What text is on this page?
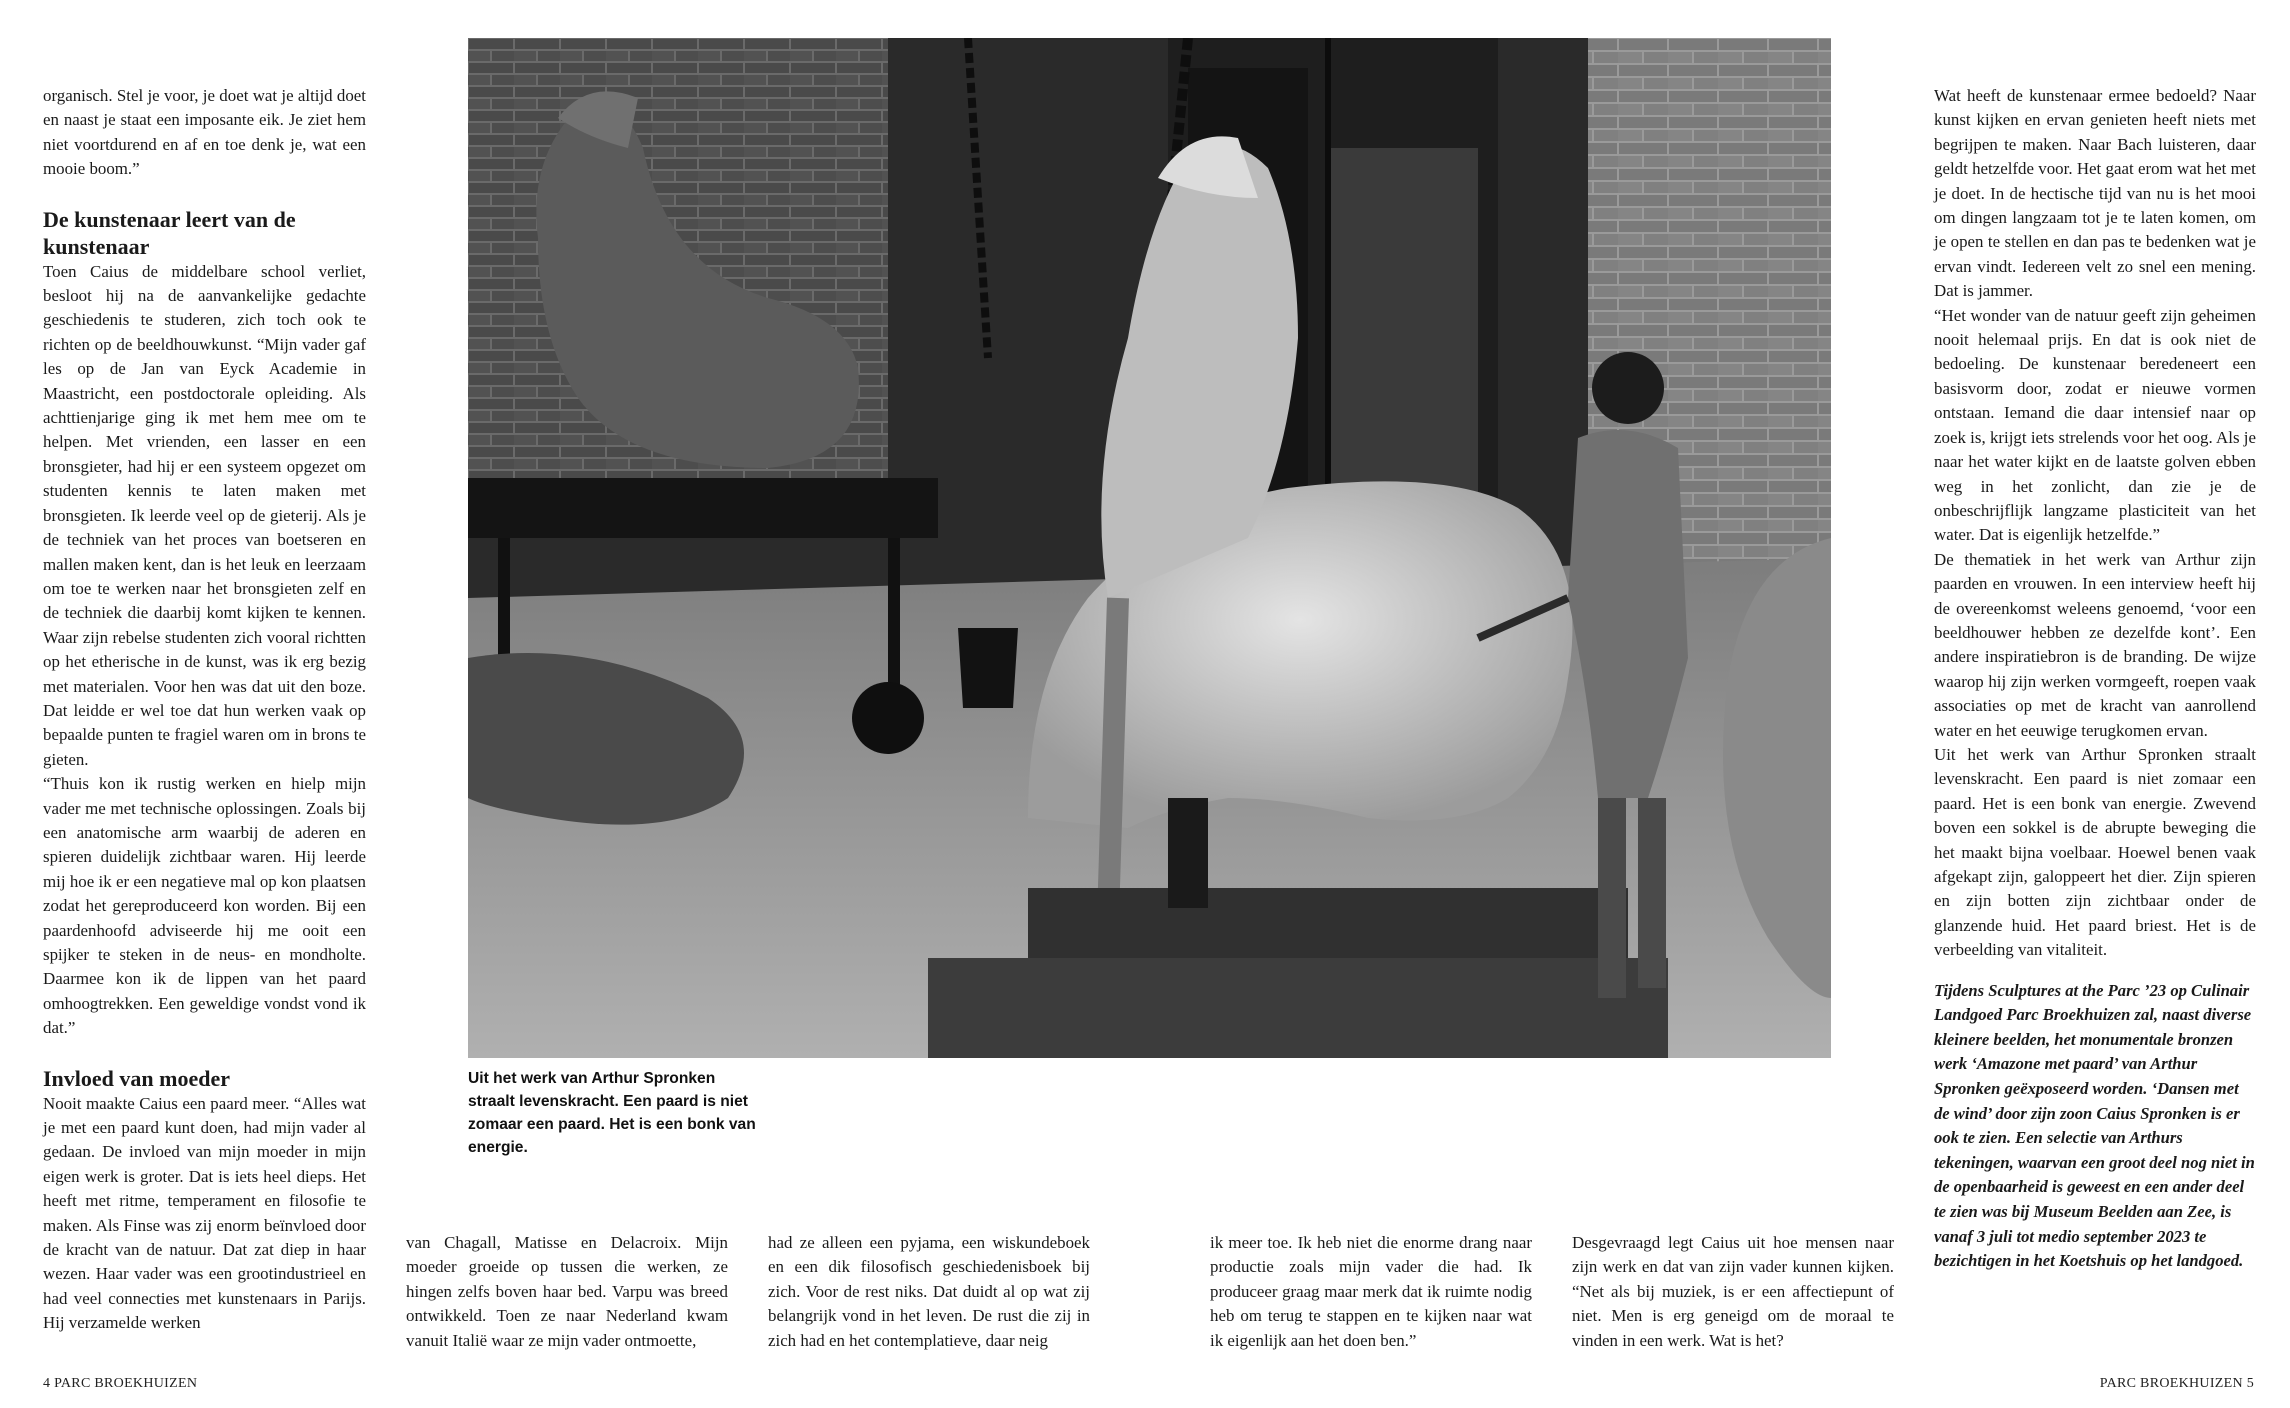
organisch. Stel je voor, je doet wat je altijd doet en naast je staat een imposante eik. Je ziet hem niet voortdurend en af en toe denk je, wat een mooie boom.”

De kunstenaar leert van de kunstenaar

Toen Caius de middelbare school verliet, besloot hij na de aanvankelijke gedachte geschiedenis te studeren, zich toch ook te richten op de beeldhouwkunst. “Mijn vader gaf les op de Jan van Eyck Academie in Maastricht, een postdoctorale opleiding. Als achttienjarige ging ik met hem mee om te helpen. Met vrienden, een lasser en een bronsgieter, had hij er een systeem opgezet om studenten kennis te laten maken met bronsgieten. Ik leerde veel op de gieterij. Als je de techniek van het proces van boetseren en mallen maken kent, dan is het leuk en leerzaam om toe te werken naar het bronsgieten zelf en de techniek die daarbij komt kijken te kennen. Waar zijn rebelse studenten zich vooral richtten op het etherische in de kunst, was ik erg bezig met materialen. Voor hen was dat uit den boze. Dat leidde er wel toe dat hun werken vaak op bepaalde punten te fragiel waren om in brons te gieten.

“Thuis kon ik rustig werken en hielp mijn vader me met technische oplossingen. Zoals bij een anatomische arm waarbij de aderen en spieren duidelijk zichtbaar waren. Hij leerde mij hoe ik er een negatieve mal op kon plaatsen zodat het gereproduceerd kon worden. Bij een paardenhoofd adviseerde hij me ooit een spijker te steken in de neus- en mondholte. Daarmee kon ik de lippen van het paard omhoogtrekken. Een geweldige vondst vond ik dat.”

Invloed van moeder

Nooit maakte Caius een paard meer. “Alles wat je met een paard kunt doen, had mijn vader al gedaan. De invloed van mijn moeder in mijn eigen werk is groter. Dat is iets heel dieps. Het heeft met ritme, temperament en filosofie te maken. Als Finse was zij enorm beïnvloed door de kracht van de natuur. Dat zat diep in haar wezen. Haar vader was een grootindustrieel en had veel connecties met kunstenaars in Parijs. Hij verzamelde werken

Uit het werk van Arthur Spronken straalt levenskracht. Een paard is niet zomaar een paard. Het is een bonk van energie.

van Chagall, Matisse en Delacroix. Mijn moeder groeide op tussen die werken, ze hingen zelfs boven haar bed. Varpu was breed ontwikkeld. Toen ze naar Nederland kwam vanuit Italië waar ze mijn vader ontmoette,

had ze alleen een pyjama, een wiskundeboek en een dik filosofisch geschiedenisboek bij zich. Voor de rest niks. Dat duidt al op wat zij belangrijk vond in het leven. De rust die zij in zich had en het contemplatieve, daar neig

ik meer toe. Ik heb niet die enorme drang naar productie zoals mijn vader die had. Ik produceer graag maar merk dat ik ruimte nodig heb om terug te stappen en te kijken naar wat ik eigenlijk aan het doen ben.”

Desgevraagd legt Caius uit hoe mensen naar zijn werk en dat van zijn vader kunnen kijken. “Net als bij muziek, is er een affectiepunt of niet. Men is erg geneigd om de moraal te vinden in een werk. Wat is het?

Wat heeft de kunstenaar ermee bedoeld? Naar kunst kijken en ervan genieten heeft niets met begrijpen te maken. Naar Bach luisteren, daar geldt hetzelfde voor. Het gaat erom wat het met je doet. In de hectische tijd van nu is het mooi om dingen langzaam tot je te laten komen, om je open te stellen en dan pas te bedenken wat je ervan vindt. Iedereen velt zo snel een mening. Dat is jammer.

“Het wonder van de natuur geeft zijn geheimen nooit helemaal prijs. En dat is ook niet de bedoeling. De kunstenaar beredeneert een basisvorm door, zodat er nieuwe vormen ontstaan. Iemand die daar intensief naar op zoek is, krijgt iets strelends voor het oog. Als je naar het water kijkt en de laatste golven ebben weg in het zonlicht, dan zie je de onbeschrijflijk langzame plasticiteit van het water. Dat is eigenlijk hetzelfde.”

De thematiek in het werk van Arthur zijn paarden en vrouwen. In een interview heeft hij de overeenkomst weleens genoemd, ‘voor een beeldhouwer hebben ze dezelfde kont’. Een andere inspiratiebron is de branding. De wijze waarop hij zijn werken vormgeeft, roepen vaak associaties op met de kracht van aanrollend water en het eeuwige terugkomen ervan.

Uit het werk van Arthur Spronken straalt levenskracht. Een paard is niet zomaar een paard. Het is een bonk van energie. Zwevend boven een sokkel is de abrupte beweging die het maakt bijna voelbaar. Hoewel benen vaak afgekapt zijn, galoppeert het dier. Zijn spieren en zijn botten zijn zichtbaar onder de glanzende huid. Het paard briest. Het is de verbeelding van vitaliteit.

Tijdens Sculptures at the Parc ’23 op Culinair Landgoed Parc Broekhuizen zal, naast diverse kleinere beelden, het monumentale bronzen werk ‘Amazone met paard’ van Arthur Spronken geëxposeerd worden. ‘Dansen met de wind’ door zijn zoon Caius Spronken is er ook te zien. Een selectie van Arthurs tekeningen, waarvan een groot deel nog niet in de openbaarheid is geweest en een ander deel te zien was bij Museum Beelden aan Zee, is vanaf 3 juli tot medio september 2023 te bezichtigen in het Koetshuis op het landgoed.

4 PARC BROEKHUIZEN	PARC BROEKHUIZEN 5
